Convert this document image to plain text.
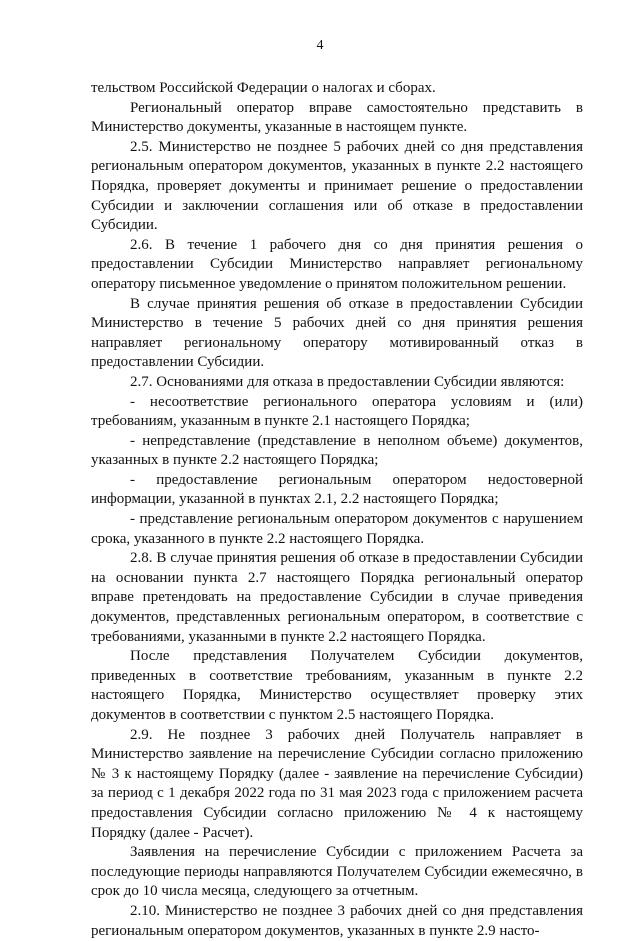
4

тельством Российской Федерации о налогах и сборах.

Региональный оператор вправе самостоятельно представить в Министерство документы, указанные в настоящем пункте.

2.5. Министерство не позднее 5 рабочих дней со дня представления региональным оператором документов, указанных в пункте 2.2 настоящего Порядка, проверяет документы и принимает решение о предоставлении Субсидии и заключении соглашения или об отказе в предоставлении Субсидии.

2.6. В течение 1 рабочего дня со дня принятия решения о предоставлении Субсидии Министерство направляет региональному оператору письменное уведомление о принятом положительном решении.

В случае принятия решения об отказе в предоставлении Субсидии Министерство в течение 5 рабочих дней со дня принятия решения направляет региональному оператору мотивированный отказ в предоставлении Субсидии.

2.7. Основаниями для отказа в предоставлении Субсидии являются:

- несоответствие регионального оператора условиям и (или) требованиям, указанным в пункте 2.1 настоящего Порядка;

- непредставление (представление в неполном объеме) документов, указанных в пункте 2.2 настоящего Порядка;

- предоставление региональным оператором недостоверной информации, указанной в пунктах 2.1, 2.2 настоящего Порядка;

- представление региональным оператором документов с нарушением срока, указанного в пункте 2.2 настоящего Порядка.

2.8. В случае принятия решения об отказе в предоставлении Субсидии на основании пункта 2.7 настоящего Порядка региональный оператор вправе претендовать на предоставление Субсидии в случае приведения документов, представленных региональным оператором, в соответствие с требованиями, указанными в пункте 2.2 настоящего Порядка.

После представления Получателем Субсидии документов, приведенных в соответствие требованиям, указанным в пункте 2.2 настоящего Порядка, Министерство осуществляет проверку этих документов в соответствии с пунктом 2.5 настоящего Порядка.

2.9. Не позднее 3 рабочих дней Получатель направляет в Министерство заявление на перечисление Субсидии согласно приложению № 3 к настоящему Порядку (далее - заявление на перечисление Субсидии) за период с 1 декабря 2022 года по 31 мая 2023 года с приложением расчета предоставления Субсидии согласно приложению № 4 к настоящему Порядку (далее - Расчет).

Заявления на перечисление Субсидии с приложением Расчета за последующие периоды направляются Получателем Субсидии ежемесячно, в срок до 10 числа месяца, следующего за отчетным.

2.10. Министерство не позднее 3 рабочих дней со дня представления региональным оператором документов, указанных в пункте 2.9 насто-
